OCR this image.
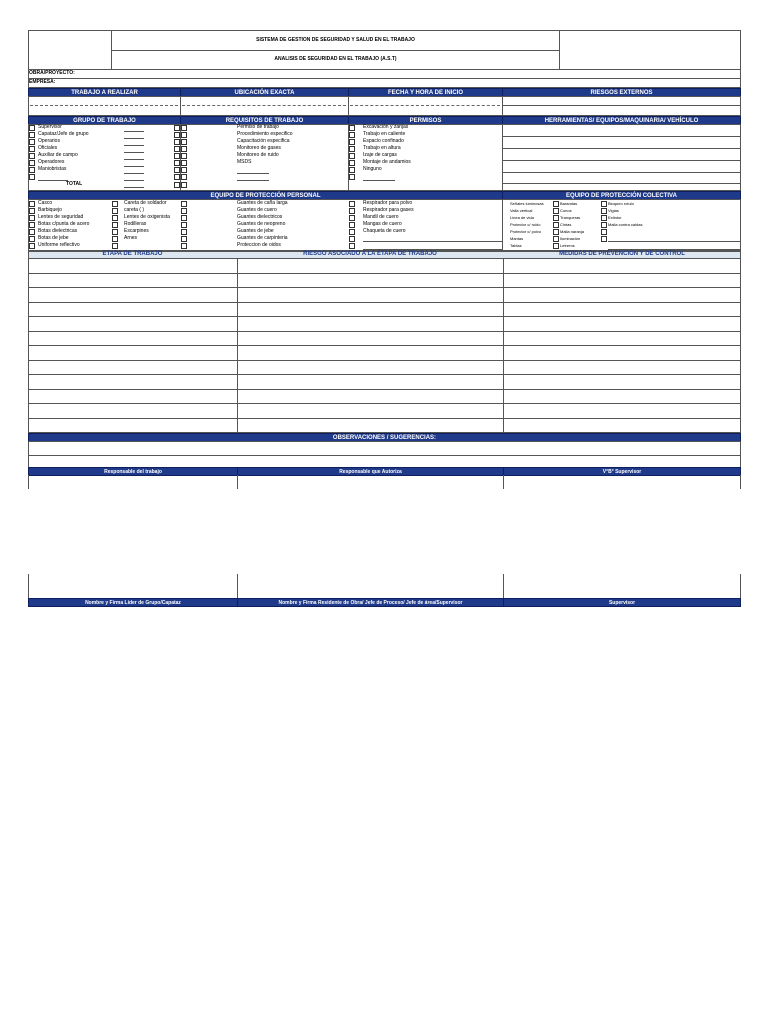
SISTEMA DE GESTION DE SEGURIDAD Y SALUD EN EL TRABAJO
ANALISIS DE SEGURIDAD EN EL TRABAJO (A.S.T)
OBRA/PROYECTO:
EMPRESA:
TRABAJO A REALIZAR	UBICACIÓN EXACTA	FECHA Y HORA DE INICIO	RIESGOS EXTERNOS
GRUPO DE TRABAJO	REQUISITOS DE TRABAJO	PERMISOS	HERRAMIENTAS/ EQUIPOS/MAQUINARIA/ VEHÍCULO
Supervisor
Capataz/Jefe de grupo
Operarios
Oficiales
Auxiliar de campo
Operadores
Maniobristas
TOTAL
Permiso de trabajo
Procedimiento especifico
Capacitación especifica
Monitoreo de gases
Monitoreo de ruido
MSDS
Excavación y zanjas
Trabajo en caliente
Espacio confinado
Trabajo en altura
Izaje de cargas
Montaje de andamios
Ninguno
EQUIPO DE PROTECCIÓN PERSONAL	EQUIPO DE PROTECCIÓN COLECTIVA
Casco
Barbiquejo
Lentes de seguridad
Botas c/punta de acero
Botas dielectricas
Botas de jebe
Uniforme reflectivo
Careta de soldador
careta ( )
Lentes de oxigenista
Rodilleras
Escarpines
Arnes
Guantes de caña larga
Guantes de cuero
Guantes dielectricos
Guantes de neopreno
Guantes de jebe
Guantes de carpinteria
Proteccion de oidos
Respirador para polvo
Respirador para gases
Mandil de cuero
Mangas de cuero
Chaqueta de cuero
Señales luminosas
Valla vertical
Linea de vida
Protector c/ ruido
Protector c/ polvo
Mantas
Tablas
Barandas
Conos
Tranqueras
Cintas
Malla naranja
Iluminación
Letreros
Bloqueo rotulo
Vigias
Extintor
Malla contra caidas
ETAPA DE TRABAJO	RIESGO ASOCIADO A LA ETAPA DE TRABAJO	MEDIDAS DE PREVENCIÓN Y DE CONTROL
OBSERVACIONES / SUGERENCIAS:
Responsable del trabajo	Responsable que Autoriza	V°B° Supervisor
Nombre y Firma Lider de Grupo/Capataz	Nombre y Firma Residente de Obra/ Jefe de Proceso/ Jefe de área/Supervisor	Supervisor
